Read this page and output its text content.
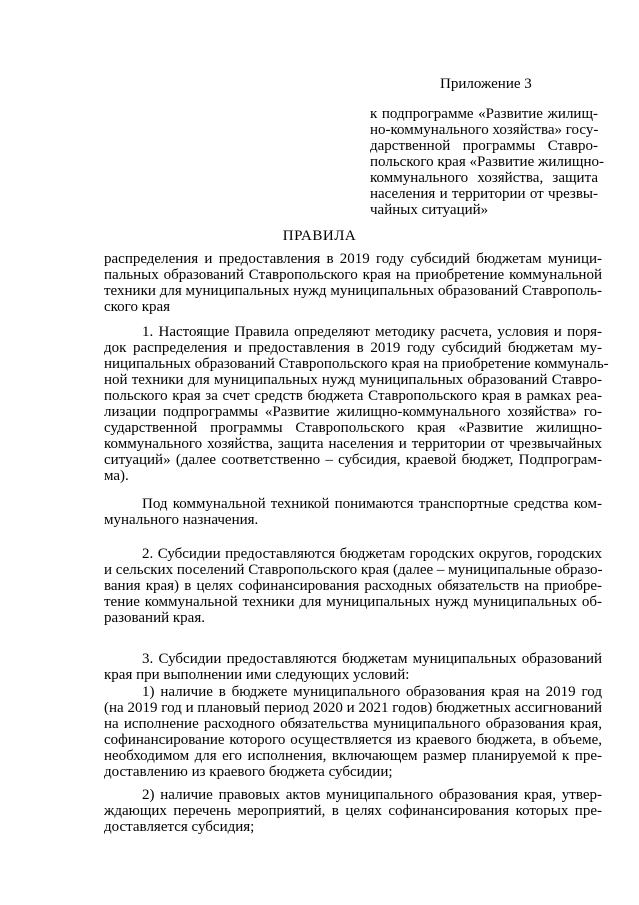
Приложение 3
к подпрограмме «Развитие жилищ-
но-коммунального хозяйства» госу-
дарственной программы Ставро-
польского края «Развитие жилищно-
коммунального хозяйства, защита
населения и территории от чрезвы-
чайных ситуаций»
ПРАВИЛА
распределения и предоставления в 2019 году субсидий бюджетам муници-
пальных образований Ставропольского края на приобретение коммунальной
техники для муниципальных нужд муниципальных образований Ставрополь-
ского края
1. Настоящие Правила определяют методику расчета, условия и поря-
док распределения и предоставления в 2019 году субсидий бюджетам му-
ниципальных образований Ставропольского края на приобретение коммуналь-
ной техники для муниципальных нужд муниципальных образований Ставро-
польского края за счет средств бюджета Ставропольского края в рамках реа-
лизации подпрограммы «Развитие жилищно-коммунального хозяйства» го-
сударственной программы Ставропольского края «Развитие жилищно-
коммунального хозяйства, защита населения и территории от чрезвычайных
ситуаций» (далее соответственно – субсидия, краевой бюджет, Подпрограм-
ма).
Под коммунальной техникой понимаются транспортные средства ком-
мунального назначения.
2. Субсидии предоставляются бюджетам городских округов, городских
и сельских поселений Ставропольского края (далее – муниципальные образо-
вания края) в целях софинансирования расходных обязательств на приобре-
тение коммунальной техники для муниципальных нужд муниципальных об-
разований края.
3. Субсидии предоставляются бюджетам муниципальных образований
края при выполнении ими следующих условий:
1) наличие в бюджете муниципального образования края на 2019 год
(на 2019 год и плановый период 2020 и 2021 годов) бюджетных ассигнований
на исполнение расходного обязательства муниципального образования края,
софинансирование которого осуществляется из краевого бюджета, в объеме,
необходимом для его исполнения, включающем размер планируемой к пре-
доставлению из краевого бюджета субсидии;
2) наличие правовых актов муниципального образования края, утвер-
ждающих перечень мероприятий, в целях софинансирования которых пре-
доставляется субсидия;
